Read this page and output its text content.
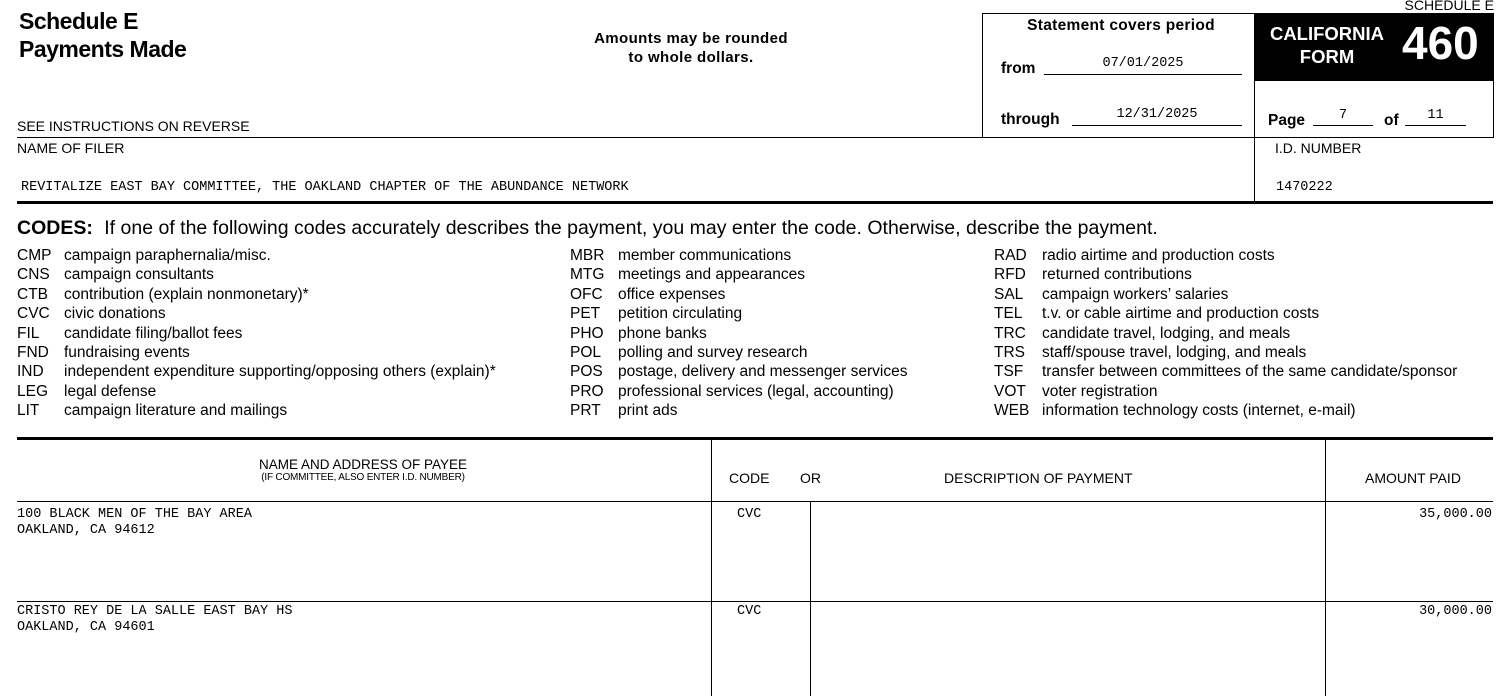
SCHEDULE E
Schedule E
Payments Made	Amounts may be rounded
to whole dollars.
SEE INSTRUCTIONS ON REVERSE
Statement covers period
from	07/01/2025
through	12/31/2025
CALIFORNIA
FORM	460
Page	7	of	11
NAME OF FILER
REVITALIZE EAST BAY COMMITTEE, THE OAKLAND CHAPTER OF THE ABUNDANCE NETWORK
I.D. NUMBER
1470222
CODES: If one of the following codes accurately describes the payment, you may enter the code. Otherwise, describe the payment.
CMP campaign paraphernalia/misc.
CNS campaign consultants
CTB contribution (explain nonmonetary)*
CVC civic donations
FIL candidate filing/ballot fees
FND fundraising events
IND independent expenditure supporting/opposing others (explain)*
LEG legal defense
LIT campaign literature and mailings
MBR member communications
MTG meetings and appearances
OFC office expenses
PET petition circulating
PHO phone banks
POL polling and survey research
POS postage, delivery and messenger services
PRO professional services (legal, accounting)
PRT print ads
RAD radio airtime and production costs
RFD returned contributions
SAL campaign workers’ salaries
TEL t.v. or cable airtime and production costs
TRC candidate travel, lodging, and meals
TRS staff/spouse travel, lodging, and meals
TSF transfer between committees of the same candidate/sponsor
VOT voter registration
WEB information technology costs (internet, e-mail)
NAME AND ADDRESS OF PAYEE
(IF COMMITTEE, ALSO ENTER I.D. NUMBER)	CODE OR	DESCRIPTION OF PAYMENT	AMOUNT PAID
100 BLACK MEN OF THE BAY AREA
OAKLAND, CA 94612
CVC	35,000.00
CRISTO REY DE LA SALLE EAST BAY HS
OAKLAND, CA 94601
CVC	30,000.00
